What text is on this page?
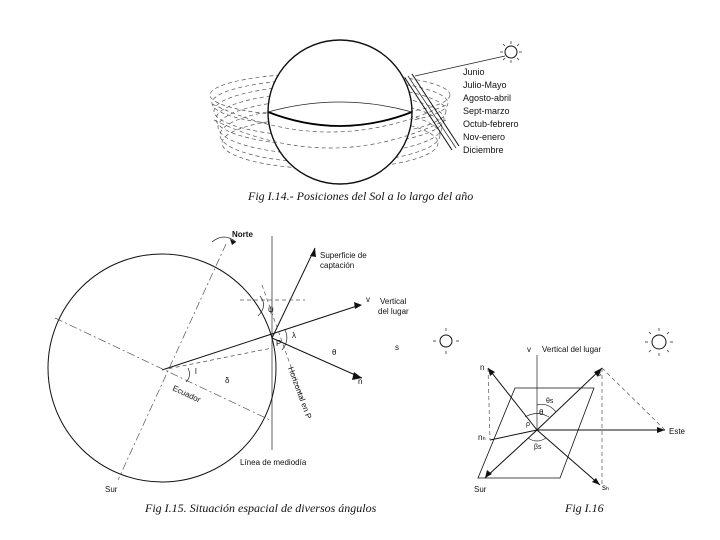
Junio
Julio-Mayo
Agosto-abril
Sept-marzo
Octub-febrero
Nov-enero
Diciembre
Fig I.14.- Posiciones del Sol a lo largo del año
Norte
Superficie de
captación
Vertical
del lugar
v
s
n
θ
λ
ψ
δ
l
P
Ecuador	Horizontal en P
Línea de mediodía
Sur
Fig I.15. Situación espacial de diversos ángulos
v Vertical del lugar
n
s
θs
θ
ρ
βs
nₕ
Este
sₕ
Sur
Fig I.16
